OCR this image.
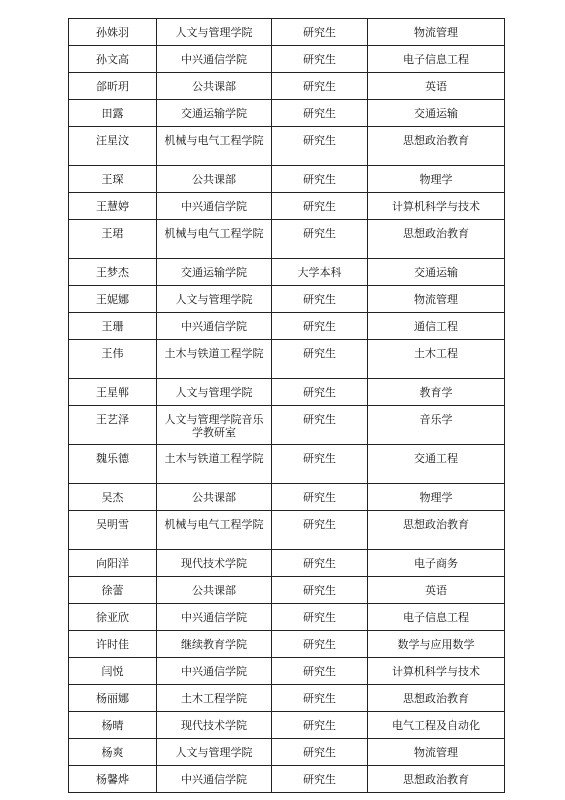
孙姝羽	人文与管理学院	研究生	物流管理

孙文高	中兴通信学院	研究生	电子信息工程

郃昕玥	公共课部	研究生	英语

田露	交通运输学院	研究生	交通运输

汪星汶	机械与电气工程学院	研究生	思想政治教育

王琛	公共课部	研究生	物理学

王慧婷	中兴通信学院	研究生	计算机科学与技术

王珺	机械与电气工程学院	研究生	思想政治教育

王梦杰	交通运输学院	大学本科	交通运输

王妮娜	人文与管理学院	研究生	物流管理

王珊	中兴通信学院	研究生	通信工程

王伟	土木与铁道工程学院	研究生	土木工程

王星郸	人文与管理学院	研究生	教育学

王艺泽	人文与管理学院音乐学教研室	研究生	音乐学

魏乐德	土木与铁道工程学院	研究生	交通工程

吴杰	公共课部	研究生	物理学

吴明雪	机械与电气工程学院	研究生	思想政治教育

向阳洋	现代技术学院	研究生	电子商务

徐蕾	公共课部	研究生	英语

徐亚欣	中兴通信学院	研究生	电子信息工程

许时佳	继续教育学院	研究生	数学与应用数学

闫悦	中兴通信学院	研究生	计算机科学与技术

杨丽娜	土木工程学院	研究生	思想政治教育

杨晴	现代技术学院	研究生	电气工程及自动化

杨爽	人文与管理学院	研究生	物流管理

杨馨烨	中兴通信学院	研究生	思想政治教育
